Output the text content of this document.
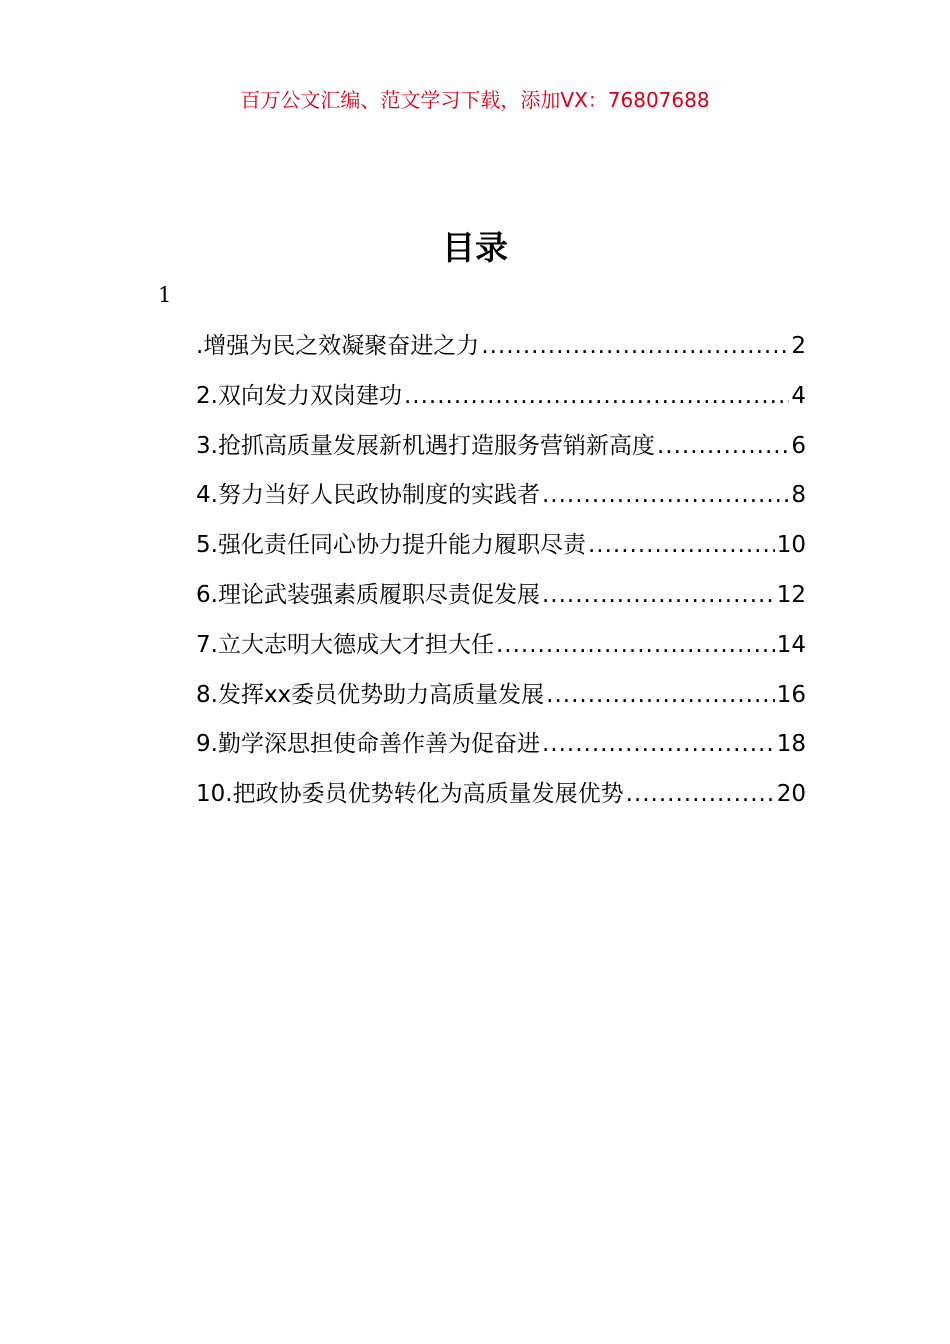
百万公文汇编、范文学习下载，添加VX：76807688
目录
1
.增强为民之效凝聚奋进之力 .....	2
2.双向发力双岗建功 .....	4
3.抢抓高质量发展新机遇打造服务营销新高度 .....	6
4.努力当好人民政协制度的实践者 .....	8
5.强化责任同心协力提升能力履职尽责 .....	10
6.理论武装强素质履职尽责促发展 .....	12
7.立大志明大德成大才担大任 .....	14
8.发挥xx委员优势助力高质量发展 .....	16
9.勤学深思担使命善作善为促奋进 .....	18
10.把政协委员优势转化为高质量发展优势 .....	20
